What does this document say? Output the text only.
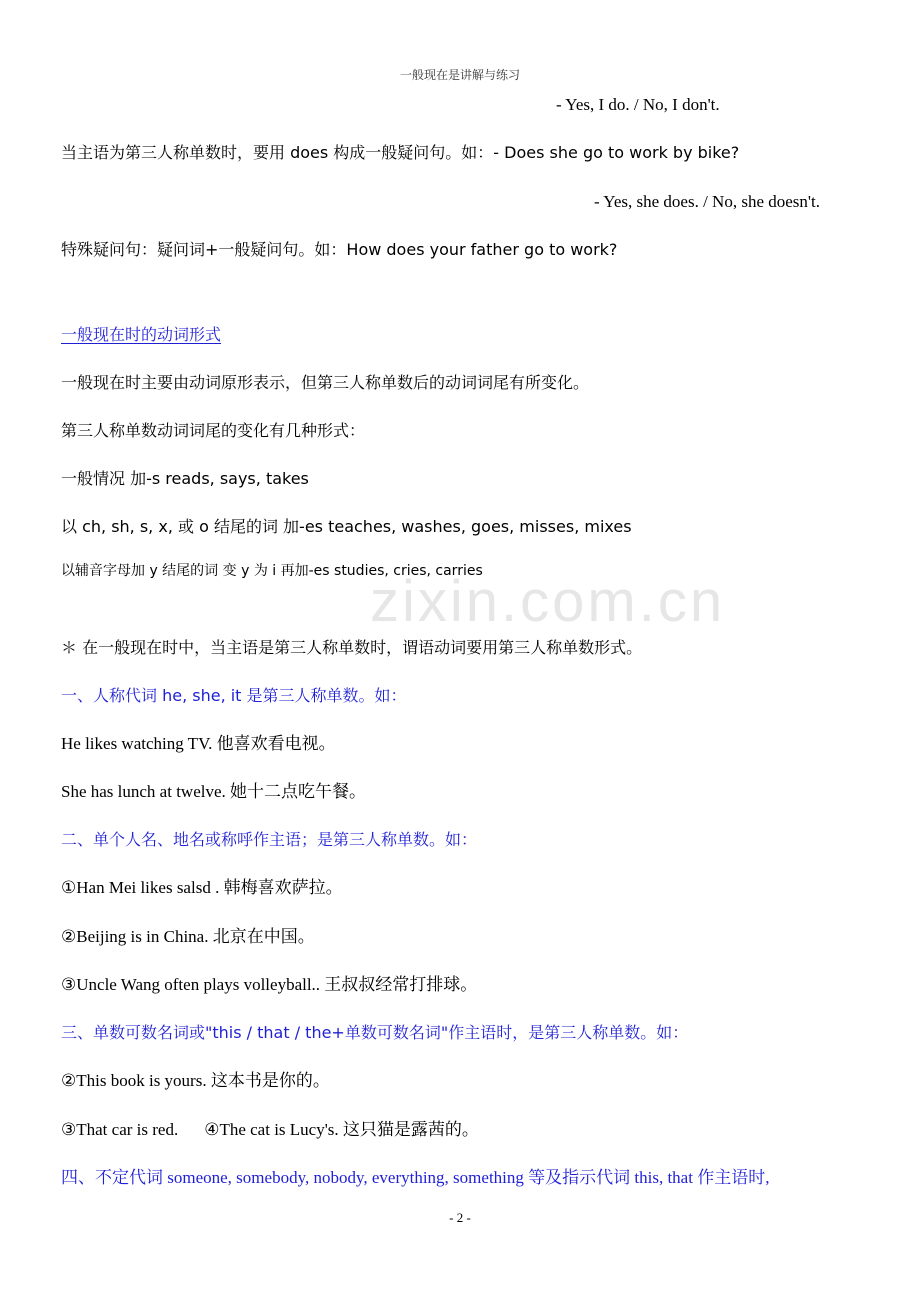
zixin.com.cn
一般现在是讲解与练习
- Yes, I do. / No, I don't.
当主语为第三人称单数时，要用 does 构成一般疑问句。如：- Does she go to work by bike?
- Yes, she does. / No, she doesn't.
特殊疑问句：疑问词+一般疑问句。如：How does your father go to work?
一般现在时的动词形式
一般现在时主要由动词原形表示，但第三人称单数后的动词词尾有所变化。
第三人称单数动词词尾的变化有几种形式：
一般情况 加-s reads, says, takes
以 ch, sh, s, x, 或 o 结尾的词 加-es teaches, washes, goes, misses, mixes
以辅音字母加 y 结尾的词 变 y 为 i 再加-es studies, cries, carries
＊ 在一般现在时中，当主语是第三人称单数时，谓语动词要用第三人称单数形式。
一、人称代词 he, she, it 是第三人称单数。如：
He likes watching TV. 他喜欢看电视。
She has lunch at twelve. 她十二点吃午餐。
二、单个人名、地名或称呼作主语；是第三人称单数。如：
①Han Mei likes salsd . 韩梅喜欢萨拉。
②Beijing is in China. 北京在中国。
③Uncle Wang often plays volleyball.. 王叔叔经常打排球。
三、单数可数名词或"this / that / the+单数可数名词"作主语时，是第三人称单数。如：
②This book is yours. 这本书是你的。
③That car is red. ④The cat is Lucy's. 这只猫是露茜的。
四、不定代词 someone, somebody, nobody, everything, something 等及指示代词 this, that 作主语时,
- 2 -
